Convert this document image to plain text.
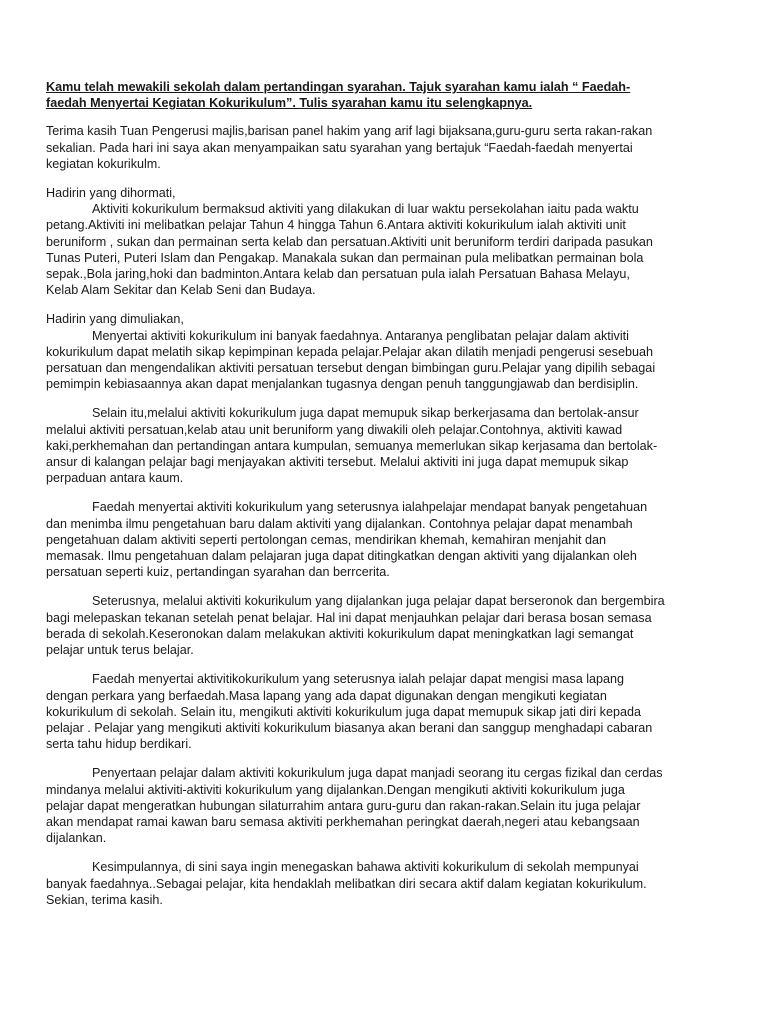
Kamu telah mewakili sekolah dalam pertandingan syarahan. Tajuk syarahan kamu ialah “ Faedah-
faedah Menyertai Kegiatan Kokurikulum”. Tulis syarahan kamu itu selengkapnya.

Terima kasih Tuan Pengerusi majlis,barisan panel hakim yang arif lagi bijaksana,guru-guru serta rakan-rakan
sekalian. Pada hari ini saya akan menyampaikan satu syarahan yang bertajuk “Faedah-faedah menyertai
kegiatan kokurikulm.

Hadirin yang dihormati,
Aktiviti kokurikulum bermaksud aktiviti yang dilakukan di luar waktu persekolahan iaitu pada waktu
petang.Aktiviti ini melibatkan pelajar Tahun 4 hingga Tahun 6.Antara aktiviti kokurikulum ialah aktiviti unit
beruniform , sukan dan permainan serta kelab dan persatuan.Aktiviti unit beruniform terdiri daripada pasukan
Tunas Puteri, Puteri Islam dan Pengakap. Manakala sukan dan permainan pula melibatkan permainan bola
sepak.,Bola jaring,hoki dan badminton.Antara kelab dan persatuan pula ialah Persatuan Bahasa Melayu,
Kelab Alam Sekitar dan Kelab Seni dan Budaya.
Hadirin yang dimuliakan,
Menyertai aktiviti kokurikulum ini banyak faedahnya. Antaranya penglibatan pelajar dalam aktiviti
kokurikulum dapat melatih sikap kepimpinan kepada pelajar.Pelajar akan dilatih menjadi pengerusi sesebuah
persatuan dan mengendalikan aktiviti persatuan tersebut dengan bimbingan guru.Pelajar yang dipilih sebagai
pemimpin kebiasaannya akan dapat menjalankan tugasnya dengan penuh tanggungjawab dan berdisiplin.

Selain itu,melalui aktiviti kokurikulum juga dapat memupuk sikap berkerjasama dan bertolak-ansur
melalui aktiviti persatuan,kelab atau unit beruniform yang diwakili oleh pelajar.Contohnya, aktiviti kawad
kaki,perkhemahan dan pertandingan antara kumpulan, semuanya memerlukan sikap kerjasama dan bertolak-
ansur di kalangan pelajar bagi menjayakan aktiviti tersebut. Melalui aktiviti ini juga dapat memupuk sikap
perpaduan antara kaum.

Faedah menyertai aktiviti kokurikulum yang seterusnya ialahpelajar mendapat banyak pengetahuan
dan menimba ilmu pengetahuan baru dalam aktiviti yang dijalankan. Contohnya pelajar dapat menambah
pengetahuan dalam aktiviti seperti pertolongan cemas, mendirikan khemah, kemahiran menjahit dan
memasak. Ilmu pengetahuan dalam pelajaran juga dapat ditingkatkan dengan aktiviti yang dijalankan oleh
persatuan seperti kuiz, pertandingan syarahan dan berrcerita.

Seterusnya, melalui aktiviti kokurikulum yang dijalankan juga pelajar dapat berseronok dan bergembira
bagi melepaskan tekanan setelah penat belajar. Hal ini dapat menjauhkan pelajar dari berasa bosan semasa
berada di sekolah.Keseronokan dalam melakukan aktiviti kokurikulum dapat meningkatkan lagi semangat
pelajar untuk terus belajar.

Faedah menyertai aktivitikokurikulum yang seterusnya ialah pelajar dapat mengisi masa lapang
dengan perkara yang berfaedah.Masa lapang yang ada dapat digunakan dengan mengikuti kegiatan
kokurikulum di sekolah. Selain itu, mengikuti aktiviti kokurikulum juga dapat memupuk sikap jati diri kepada
pelajar . Pelajar yang mengikuti aktiviti kokurikulum biasanya akan berani dan sanggup menghadapi cabaran
serta tahu hidup berdikari.

Penyertaan pelajar dalam aktiviti kokurikulum juga dapat manjadi seorang itu cergas fizikal dan cerdas
mindanya melalui aktiviti-aktiviti kokurikulum yang dijalankan.Dengan mengikuti aktiviti kokurikulum juga
pelajar dapat mengeratkan hubungan silaturrahim antara guru-guru dan rakan-rakan.Selain itu juga pelajar
akan mendapat ramai kawan baru semasa aktiviti perkhemahan peringkat daerah,negeri atau kebangsaan
dijalankan.

Kesimpulannya, di sini saya ingin menegaskan bahawa aktiviti kokurikulum di sekolah mempunyai
banyak faedahnya..Sebagai pelajar, kita hendaklah melibatkan diri secara aktif dalam kegiatan kokurikulum.
Sekian, terima kasih.
